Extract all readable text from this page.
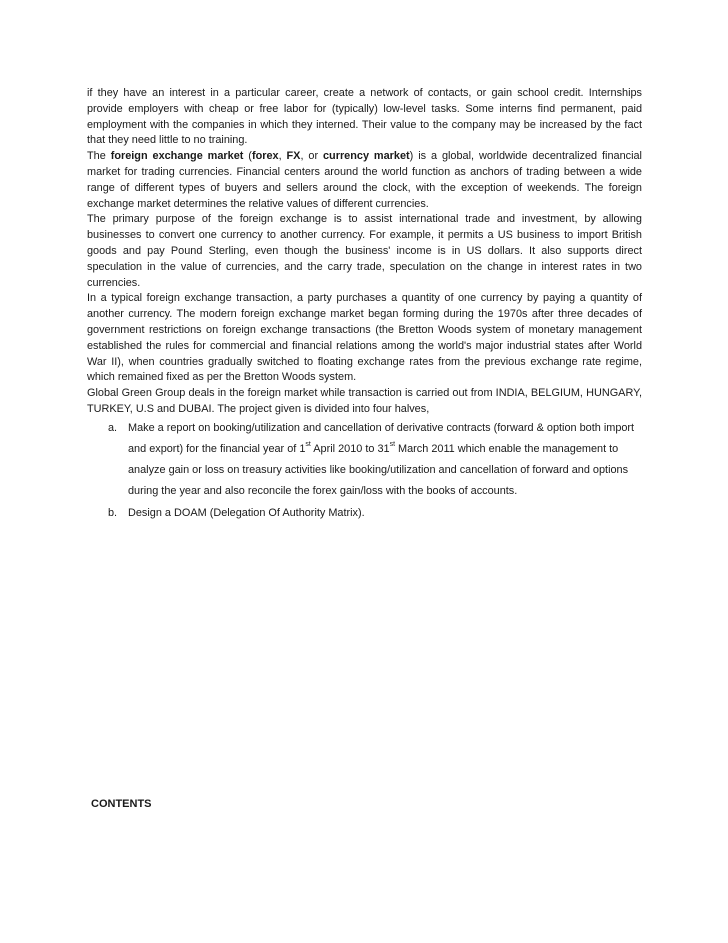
if they have an interest in a particular career, create a network of contacts, or gain school credit. Internships provide employers with cheap or free labor for (typically) low-level tasks. Some interns find permanent, paid employment with the companies in which they interned. Their value to the company may be increased by the fact that they need little to no training.

The foreign exchange market (forex, FX, or currency market) is a global, worldwide decentralized financial market for trading currencies. Financial centers around the world function as anchors of trading between a wide range of different types of buyers and sellers around the clock, with the exception of weekends. The foreign exchange market determines the relative values of different currencies.

The primary purpose of the foreign exchange is to assist international trade and investment, by allowing businesses to convert one currency to another currency. For example, it permits a US business to import British goods and pay Pound Sterling, even though the business' income is in US dollars. It also supports direct speculation in the value of currencies, and the carry trade, speculation on the change in interest rates in two currencies.

In a typical foreign exchange transaction, a party purchases a quantity of one currency by paying a quantity of another currency. The modern foreign exchange market began forming during the 1970s after three decades of government restrictions on foreign exchange transactions (the Bretton Woods system of monetary management established the rules for commercial and financial relations among the world's major industrial states after World War II), when countries gradually switched to floating exchange rates from the previous exchange rate regime, which remained fixed as per the Bretton Woods system.

Global Green Group deals in the foreign market while transaction is carried out from INDIA, BELGIUM, HUNGARY, TURKEY, U.S and DUBAI. The project given is divided into four halves,

a. Make a report on booking/utilization and cancellation of derivative contracts (forward & option both import and export) for the financial year of 1st April 2010 to 31st March 2011 which enable the management to analyze gain or loss on treasury activities like booking/utilization and cancellation of forward and options during the year and also reconcile the forex gain/loss with the books of accounts.
b. Design a DOAM (Delegation Of Authority Matrix).

CONTENTS
